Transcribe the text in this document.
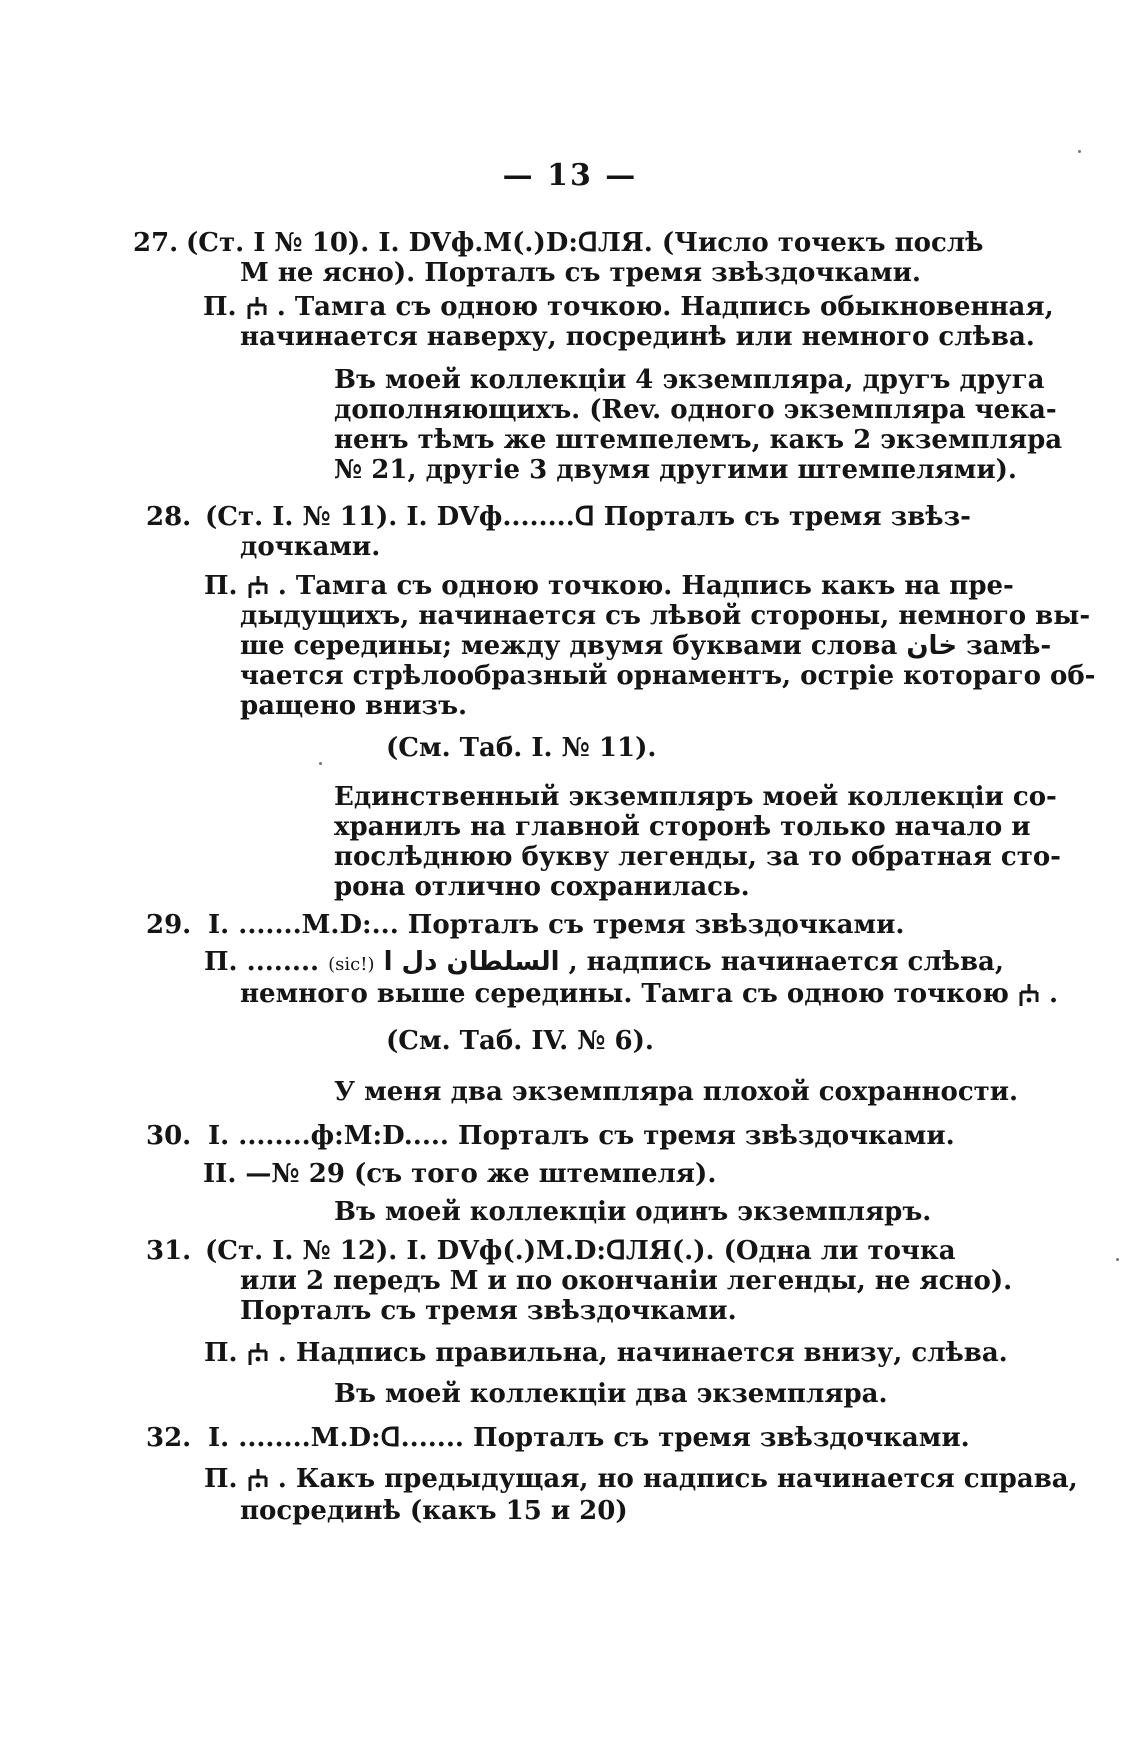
— 13 —
27. (Ст. I № 10). I. DVф.M(.)D:ᗡЛЯ . (Число точекъ послѣ
М не ясно). Порталъ съ тремя звѣздочками.
П. . Тамга съ одною точкою. Надпись обыкновенная,
начинается наверху, посрединѣ или немного слѣва.
Въ моей коллекціи 4 экземпляра, другъ друга
дополняющихъ. (Rev. одного экземпляра чека-
ненъ тѣмъ же штемпелемъ, какъ 2 экземпляра
№ 21, другіе 3 двумя другими штемпелями).
28. (Ст. I. № 11). I. DVф........ᗡ Порталъ съ тремя звѣз-
дочками.
П. . Тамга съ одною точкою. Надпись какъ на пре-
дыдущихъ, начинается съ лѣвой стороны, немного вы-
ше середины; между двумя буквами слова خان замѣ-
чается стрѣлообразный орнаментъ, остріе котораго об-
ращено внизъ.
(См. Таб. I. № 11).
Единственный экземпляръ моей коллекціи со-
хранилъ на главной сторонѣ только начало и
послѣднюю букву легенды, за то обратная сто-
рона отлично сохранилась.
29. I. .......M.D:... Порталъ съ тремя звѣздочками.
П. ........ (sic!) السلطان دل ا , надпись начинается слѣва,
немного выше середины. Тамга съ одною точкою .
(См. Таб. IV. № 6).
У меня два экземпляра плохой сохранности.
30. I. ........ф:M:D..... Порталъ съ тремя звѣздочками.
II. —№ 29 (съ того же штемпеля).
Въ моей коллекціи одинъ экземпляръ.
31. (Ст. I. № 12). I. DVф(.)M.D:ᗡЛЯ(.). (Одна ли точка
или 2 передъ М и по окончаніи легенды, не ясно).
Порталъ съ тремя звѣздочками.
П. . Надпись правильна, начинается внизу, слѣва.
Въ моей коллекціи два экземпляра.
32. I. ........M.D:ᗡ....... Порталъ съ тремя звѣздочками.
П. . Какъ предыдущая, но надпись начинается справа,
посрединѣ (какъ 15 и 20)
